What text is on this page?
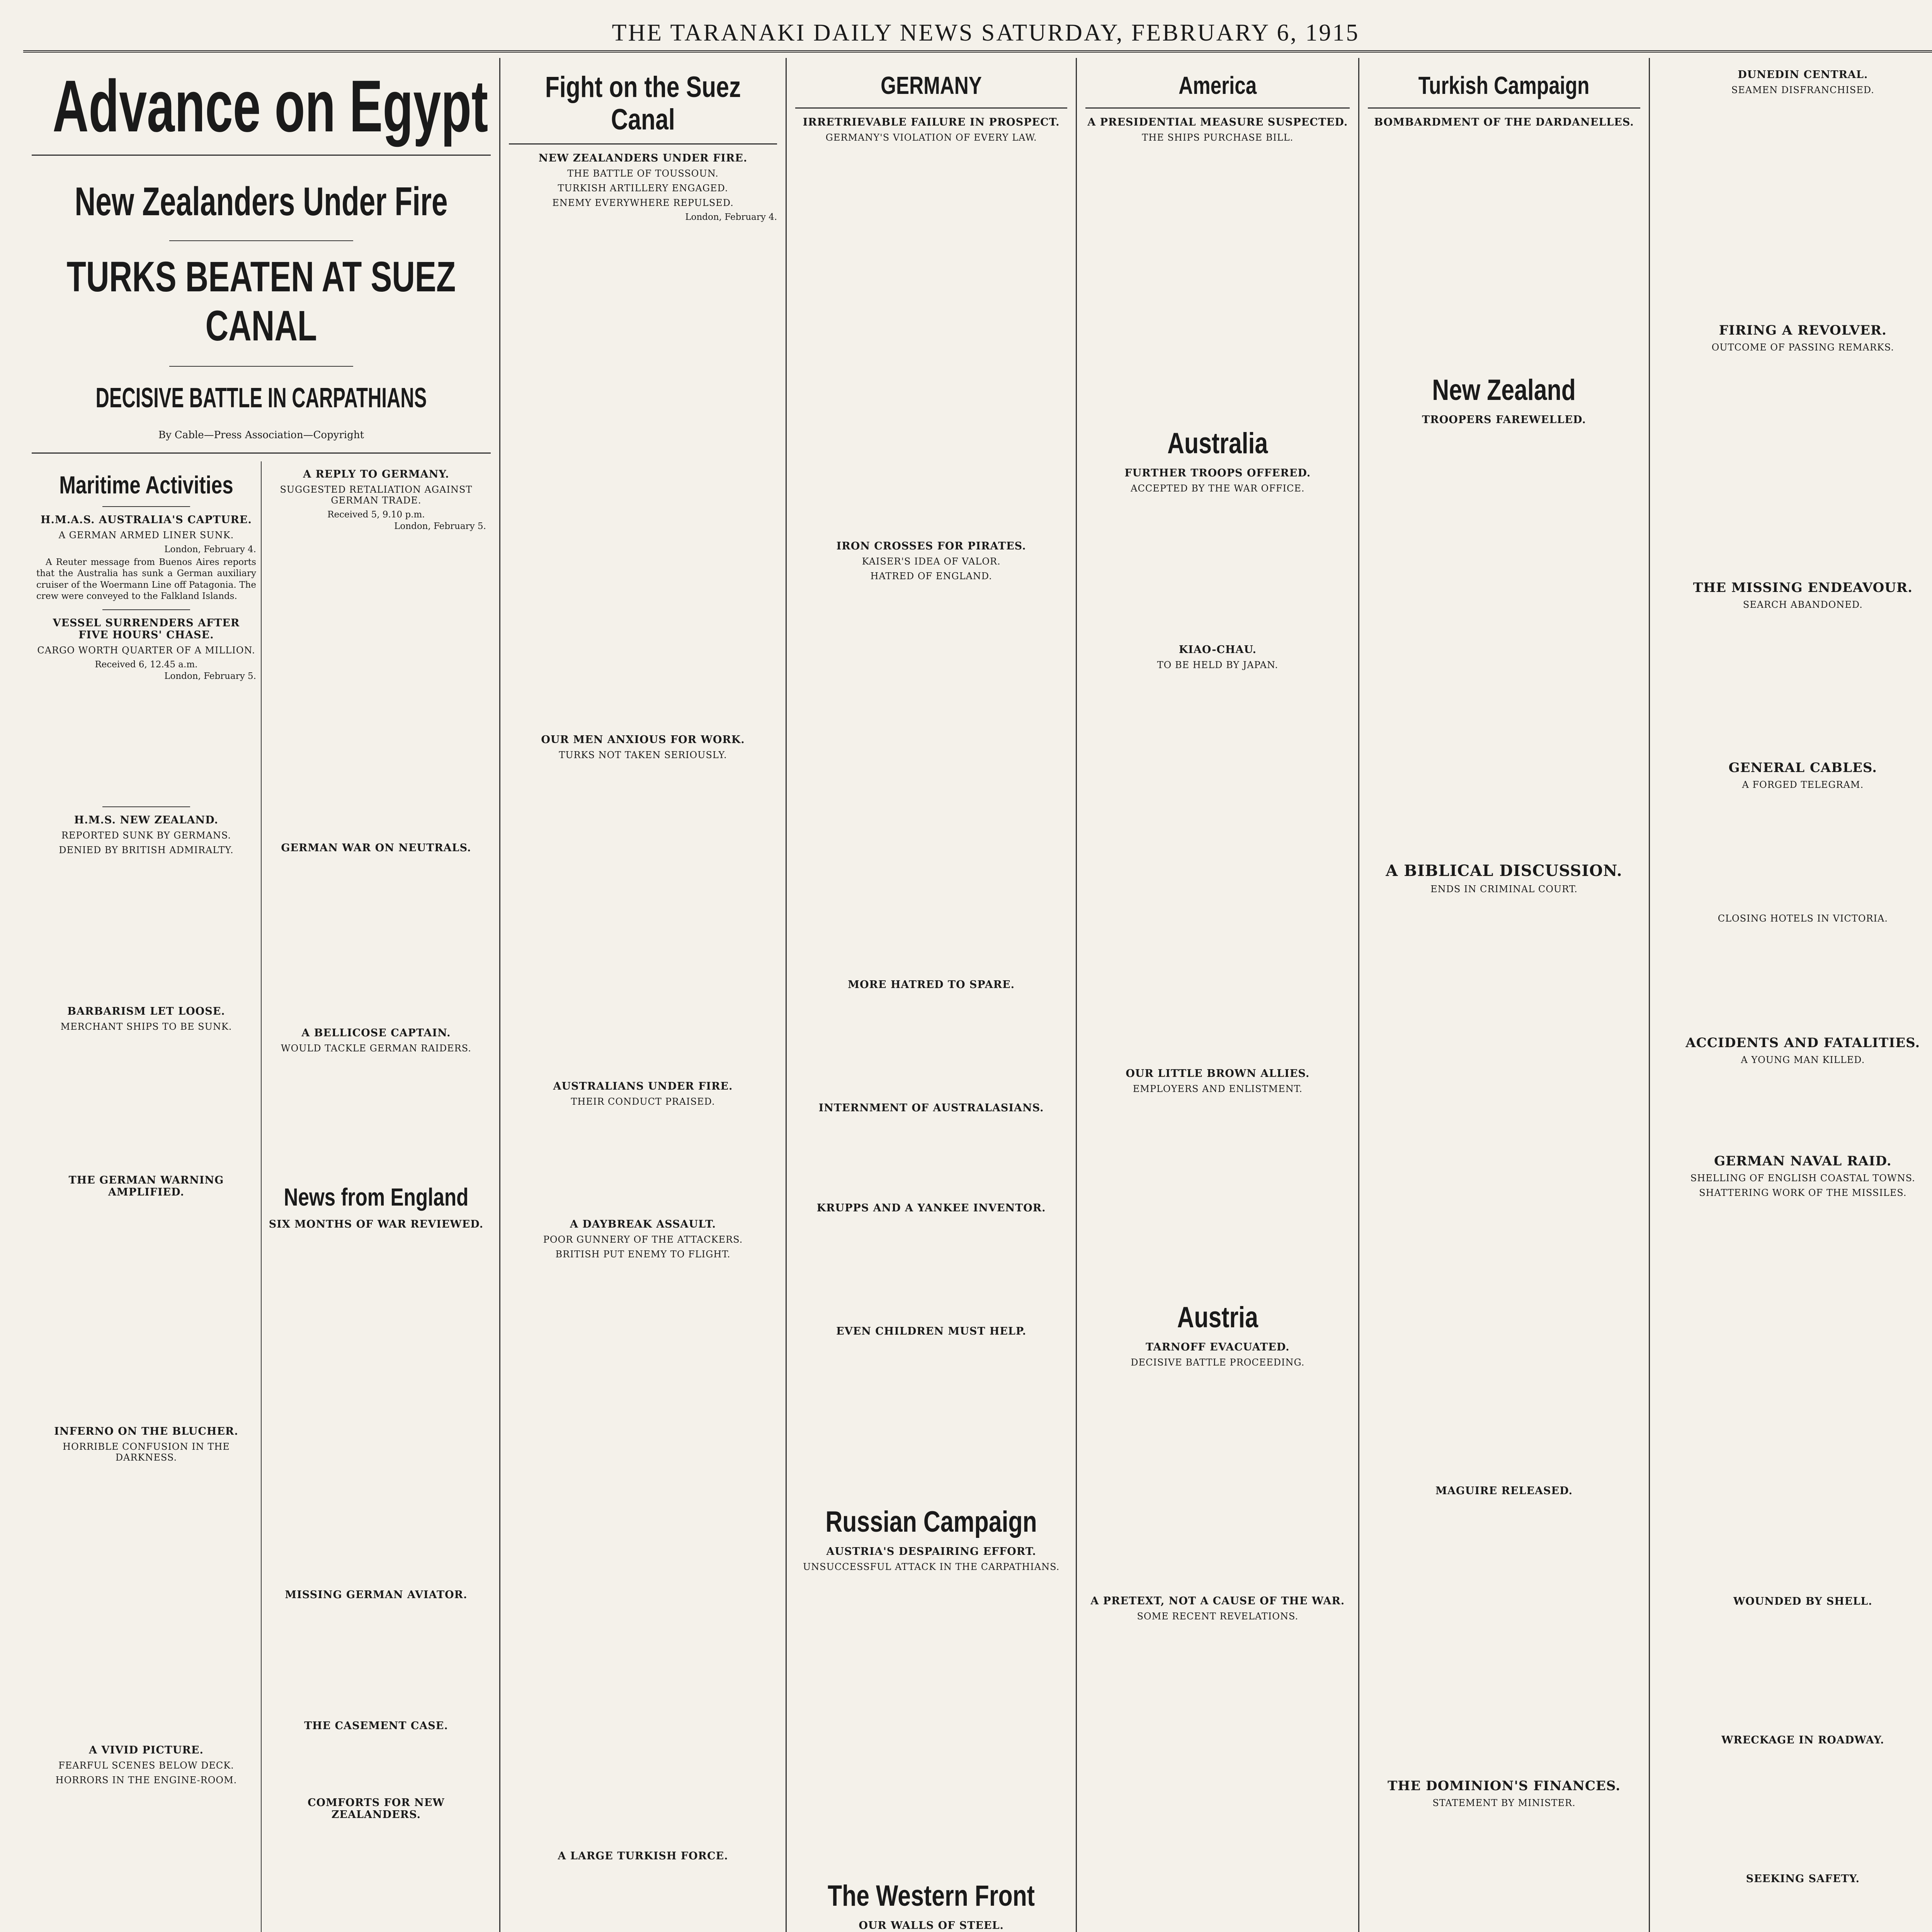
THE TARANAKI DAILY NEWS SATURDAY, FEBRUARY 6, 1915
Advance on Egypt
New Zealanders Under Fire
TURKS BEATEN AT SUEZ CANAL
DECISIVE BATTLE IN CARPATHIANS
By Cable—Press Association—Copyright
Maritime Activities
H.M.A.S. AUSTRALIA'S CAPTURE.
A GERMAN ARMED LINER SUNK.
London, February 4.

A Reuter message from Buenos Aires reports that the Australia has sunk a German auxiliary cruiser of the Woermann Line off Patagonia. The crew were conveyed to the Falkland Islands.

VESSEL SURRENDERS AFTER FIVE HOURS' CHASE.
CARGO WORTH QUARTER OF A MILLION.
Received 6, 12.45 a.m.
London, February 5.
H.M.S. NEW ZEALAND.
REPORTED SUNK BY GERMANS.
DENIED BY BRITISH ADMIRALTY.
BARBARISM LET LOOSE.
MERCHANT SHIPS TO BE SUNK.
THE GERMAN WARNING AMPLIFIED.
INFERNO ON THE BLUCHER.
HORRIBLE CONFUSION IN THE DARKNESS.
A VIVID PICTURE.
FEARFUL SCENES BELOW DECK.
HORRORS IN THE ENGINE-ROOM.
A REPLY TO GERMANY.
SUGGESTED RETALIATION AGAINST GERMAN TRADE.
Received 5, 9.10 p.m.
London, February 5.
GERMAN WAR ON NEUTRALS.
A BELLICOSE CAPTAIN.
WOULD TACKLE GERMAN RAIDERS.
News from England
SIX MONTHS OF WAR REVIEWED.
MISSING GERMAN AVIATOR.
THE CASEMENT CASE.
COMFORTS FOR NEW ZEALANDERS.
Fight on the Suez Canal
NEW ZEALANDERS UNDER FIRE.
THE BATTLE OF TOUSSOUN.
TURKISH ARTILLERY ENGAGED.
ENEMY EVERYWHERE REPULSED.
London, February 4.
OUR MEN ANXIOUS FOR WORK.
TURKS NOT TAKEN SERIOUSLY.
AUSTRALIANS UNDER FIRE.
THEIR CONDUCT PRAISED.
A DAYBREAK ASSAULT.
POOR GUNNERY OF THE ATTACKERS.
BRITISH PUT ENEMY TO FLIGHT.
A LARGE TURKISH FORCE.
GERMANY
IRRETRIEVABLE FAILURE IN PROSPECT.
GERMANY'S VIOLATION OF EVERY LAW.
IRON CROSSES FOR PIRATES.
KAISER'S IDEA OF VALOR.
HATRED OF ENGLAND.
MORE HATRED TO SPARE.
INTERNMENT OF AUSTRALASIANS.
KRUPPS AND A YANKEE INVENTOR.
EVEN CHILDREN MUST HELP.
Russian Campaign
AUSTRIA'S DESPAIRING EFFORT.
UNSUCCESSFUL ATTACK IN THE CARPATHIANS.
The Western Front
OUR WALLS OF STEEL.
America
A PRESIDENTIAL MEASURE SUSPECTED.
THE SHIPS PURCHASE BILL.
Australia
FURTHER TROOPS OFFERED.
ACCEPTED BY THE WAR OFFICE.
KIAO-CHAU.
TO BE HELD BY JAPAN.
OUR LITTLE BROWN ALLIES.
EMPLOYERS AND ENLISTMENT.
Austria
TARNOFF EVACUATED.
DECISIVE BATTLE PROCEEDING.
A PRETEXT, NOT A CAUSE OF THE WAR.
SOME RECENT REVELATIONS.
Turkish Campaign
BOMBARDMENT OF THE DARDANELLES.
New Zealand
TROOPERS FAREWELLED.
A BIBLICAL DISCUSSION.
ENDS IN CRIMINAL COURT.
MAGUIRE RELEASED.
THE DOMINION'S FINANCES.
STATEMENT BY MINISTER.
DUNEDIN CENTRAL.
SEAMEN DISFRANCHISED.
FIRING A REVOLVER.
OUTCOME OF PASSING REMARKS.
THE MISSING ENDEAVOUR.
SEARCH ABANDONED.
GENERAL CABLES.
A FORGED TELEGRAM.
CLOSING HOTELS IN VICTORIA.
ACCIDENTS AND FATALITIES.
A YOUNG MAN KILLED.
GERMAN NAVAL RAID.
SHELLING OF ENGLISH COASTAL TOWNS.
SHATTERING WORK OF THE MISSILES.
WOUNDED BY SHELL.
WRECKAGE IN ROADWAY.
SEEKING SAFETY.
